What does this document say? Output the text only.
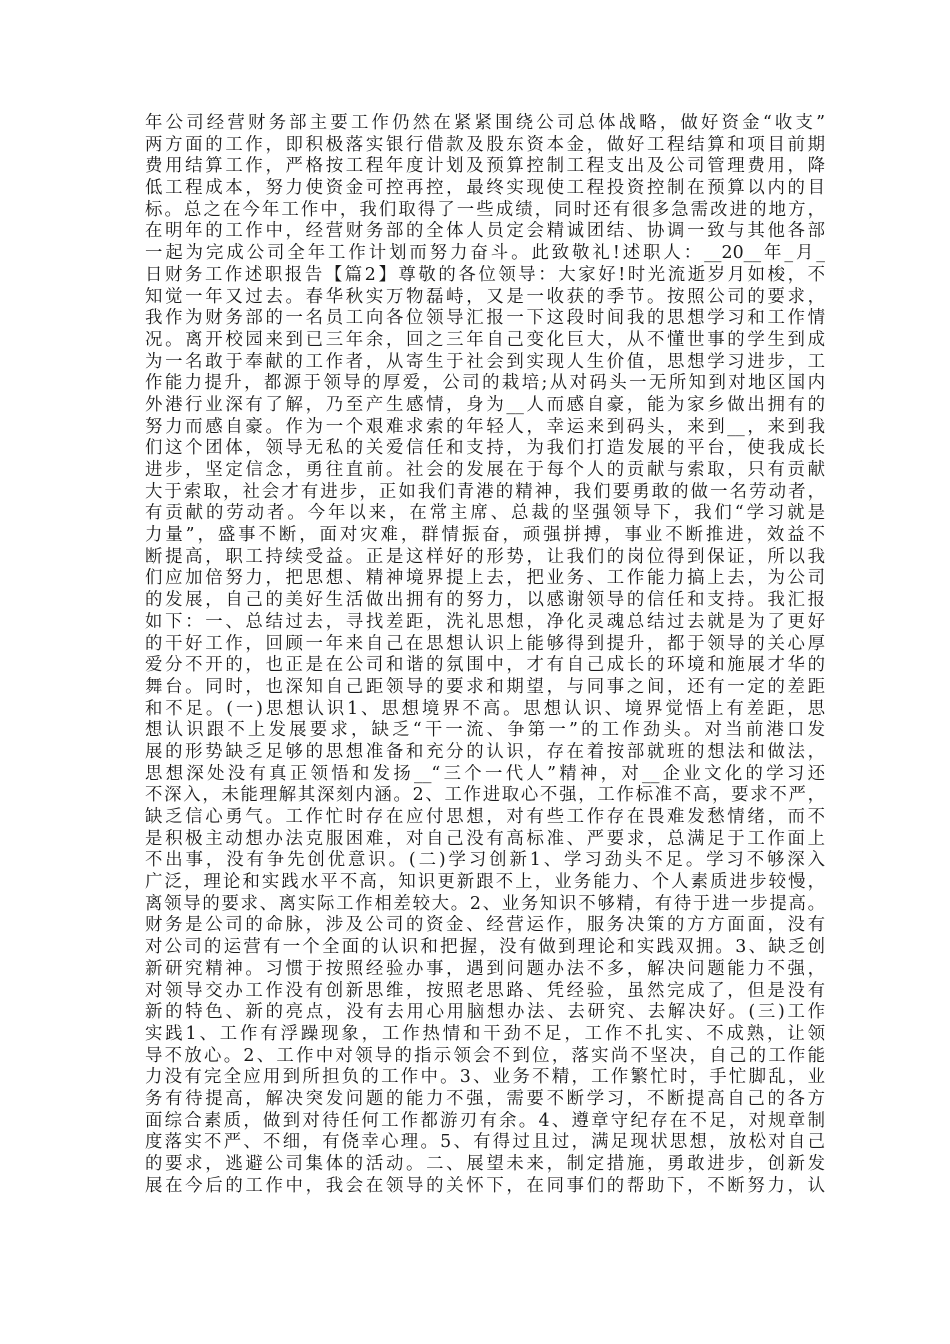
年公司经营财务部主要工作仍然在紧紧围绕公司总体战略，做好资金“收支”
两方面的工作，即积极落实银行借款及股东资本金，做好工程结算和项目前期
费用结算工作，严格按工程年度计划及预算控制工程支出及公司管理费用，降
低工程成本，努力使资金可控再控，最终实现使工程投资控制在预算以内的目
标。总之在今年工作中，我们取得了一些成绩，同时还有很多急需改进的地方，
在明年的工作中，经营财务部的全体人员定会精诚团结、协调一致与其他各部
一起为完成公司全年工作计划而努力奋斗。此致敬礼!述职人：__20__年_月_
日财务工作述职报告【篇2】尊敬的各位领导：大家好!时光流逝岁月如梭，不
知觉一年又过去。春华秋实万物磊峙，又是一收获的季节。按照公司的要求，
我作为财务部的一名员工向各位领导汇报一下这段时间我的思想学习和工作情
况。离开校园来到已三年余，回之三年自己变化巨大，从不懂世事的学生到成
为一名敢于奉献的工作者，从寄生于社会到实现人生价值，思想学习进步，工
作能力提升，都源于领导的厚爱，公司的栽培;从对码头一无所知到对地区国内
外港行业深有了解，乃至产生感情，身为__人而感自豪，能为家乡做出拥有的
努力而感自豪。作为一个艰难求索的年轻人，幸运来到码头，来到__，来到我
们这个团体，领导无私的关爱信任和支持，为我们打造发展的平台，使我成长
进步，坚定信念，勇往直前。社会的发展在于每个人的贡献与索取，只有贡献
大于索取，社会才有进步，正如我们青港的精神，我们要勇敢的做一名劳动者，
有贡献的劳动者。今年以来，在常主席、总裁的坚强领导下，我们“学习就是
力量”，盛事不断，面对灾难，群情振奋，顽强拼搏，事业不断推进，效益不
断提高，职工持续受益。正是这样好的形势，让我们的岗位得到保证，所以我
们应加倍努力，把思想、精神境界提上去，把业务、工作能力搞上去，为公司
的发展，自己的美好生活做出拥有的努力，以感谢领导的信任和支持。我汇报
如下：一、总结过去，寻找差距，洗礼思想，净化灵魂总结过去就是为了更好
的干好工作，回顾一年来自己在思想认识上能够得到提升，都于领导的关心厚
爱分不开的，也正是在公司和谐的氛围中，才有自己成长的环境和施展才华的
舞台。同时，也深知自己距领导的要求和期望，与同事之间，还有一定的差距
和不足。(一)思想认识1、思想境界不高。思想认识、境界觉悟上有差距，思
想认识跟不上发展要求，缺乏“干一流、争第一”的工作劲头。对当前港口发
展的形势缺乏足够的思想准备和充分的认识，存在着按部就班的想法和做法，
思想深处没有真正领悟和发扬__“三个一代人”精神，对__企业文化的学习还
不深入，未能理解其深刻内涵。2、工作进取心不强，工作标准不高，要求不严，
缺乏信心勇气。工作忙时存在应付思想，对有些工作存在畏难发愁情绪，而不
是积极主动想办法克服困难，对自己没有高标准、严要求，总满足于工作面上
不出事，没有争先创优意识。(二)学习创新1、学习劲头不足。学习不够深入
广泛，理论和实践水平不高，知识更新跟不上，业务能力、个人素质进步较慢，
离领导的要求、离实际工作相差较大。2、业务知识不够精，有待于进一步提高。
财务是公司的命脉，涉及公司的资金、经营运作，服务决策的方方面面，没有
对公司的运营有一个全面的认识和把握，没有做到理论和实践双拥。3、缺乏创
新研究精神。习惯于按照经验办事，遇到问题办法不多，解决问题能力不强，
对领导交办工作没有创新思维，按照老思路、凭经验，虽然完成了，但是没有
新的特色、新的亮点，没有去用心用脑想办法、去研究、去解决好。(三)工作
实践1、工作有浮躁现象，工作热情和干劲不足，工作不扎实、不成熟，让领
导不放心。2、工作中对领导的指示领会不到位，落实尚不坚决，自己的工作能
力没有完全应用到所担负的工作中。3、业务不精，工作繁忙时，手忙脚乱，业
务有待提高，解决突发问题的能力不强，需要不断学习，不断提高自己的各方
面综合素质，做到对待任何工作都游刃有余。4、遵章守纪存在不足，对规章制
度落实不严、不细，有侥幸心理。5、有得过且过，满足现状思想，放松对自己
的要求，逃避公司集体的活动。二、展望未来，制定措施，勇敢进步，创新发
展在今后的工作中，我会在领导的关怀下，在同事们的帮助下，不断努力，认
